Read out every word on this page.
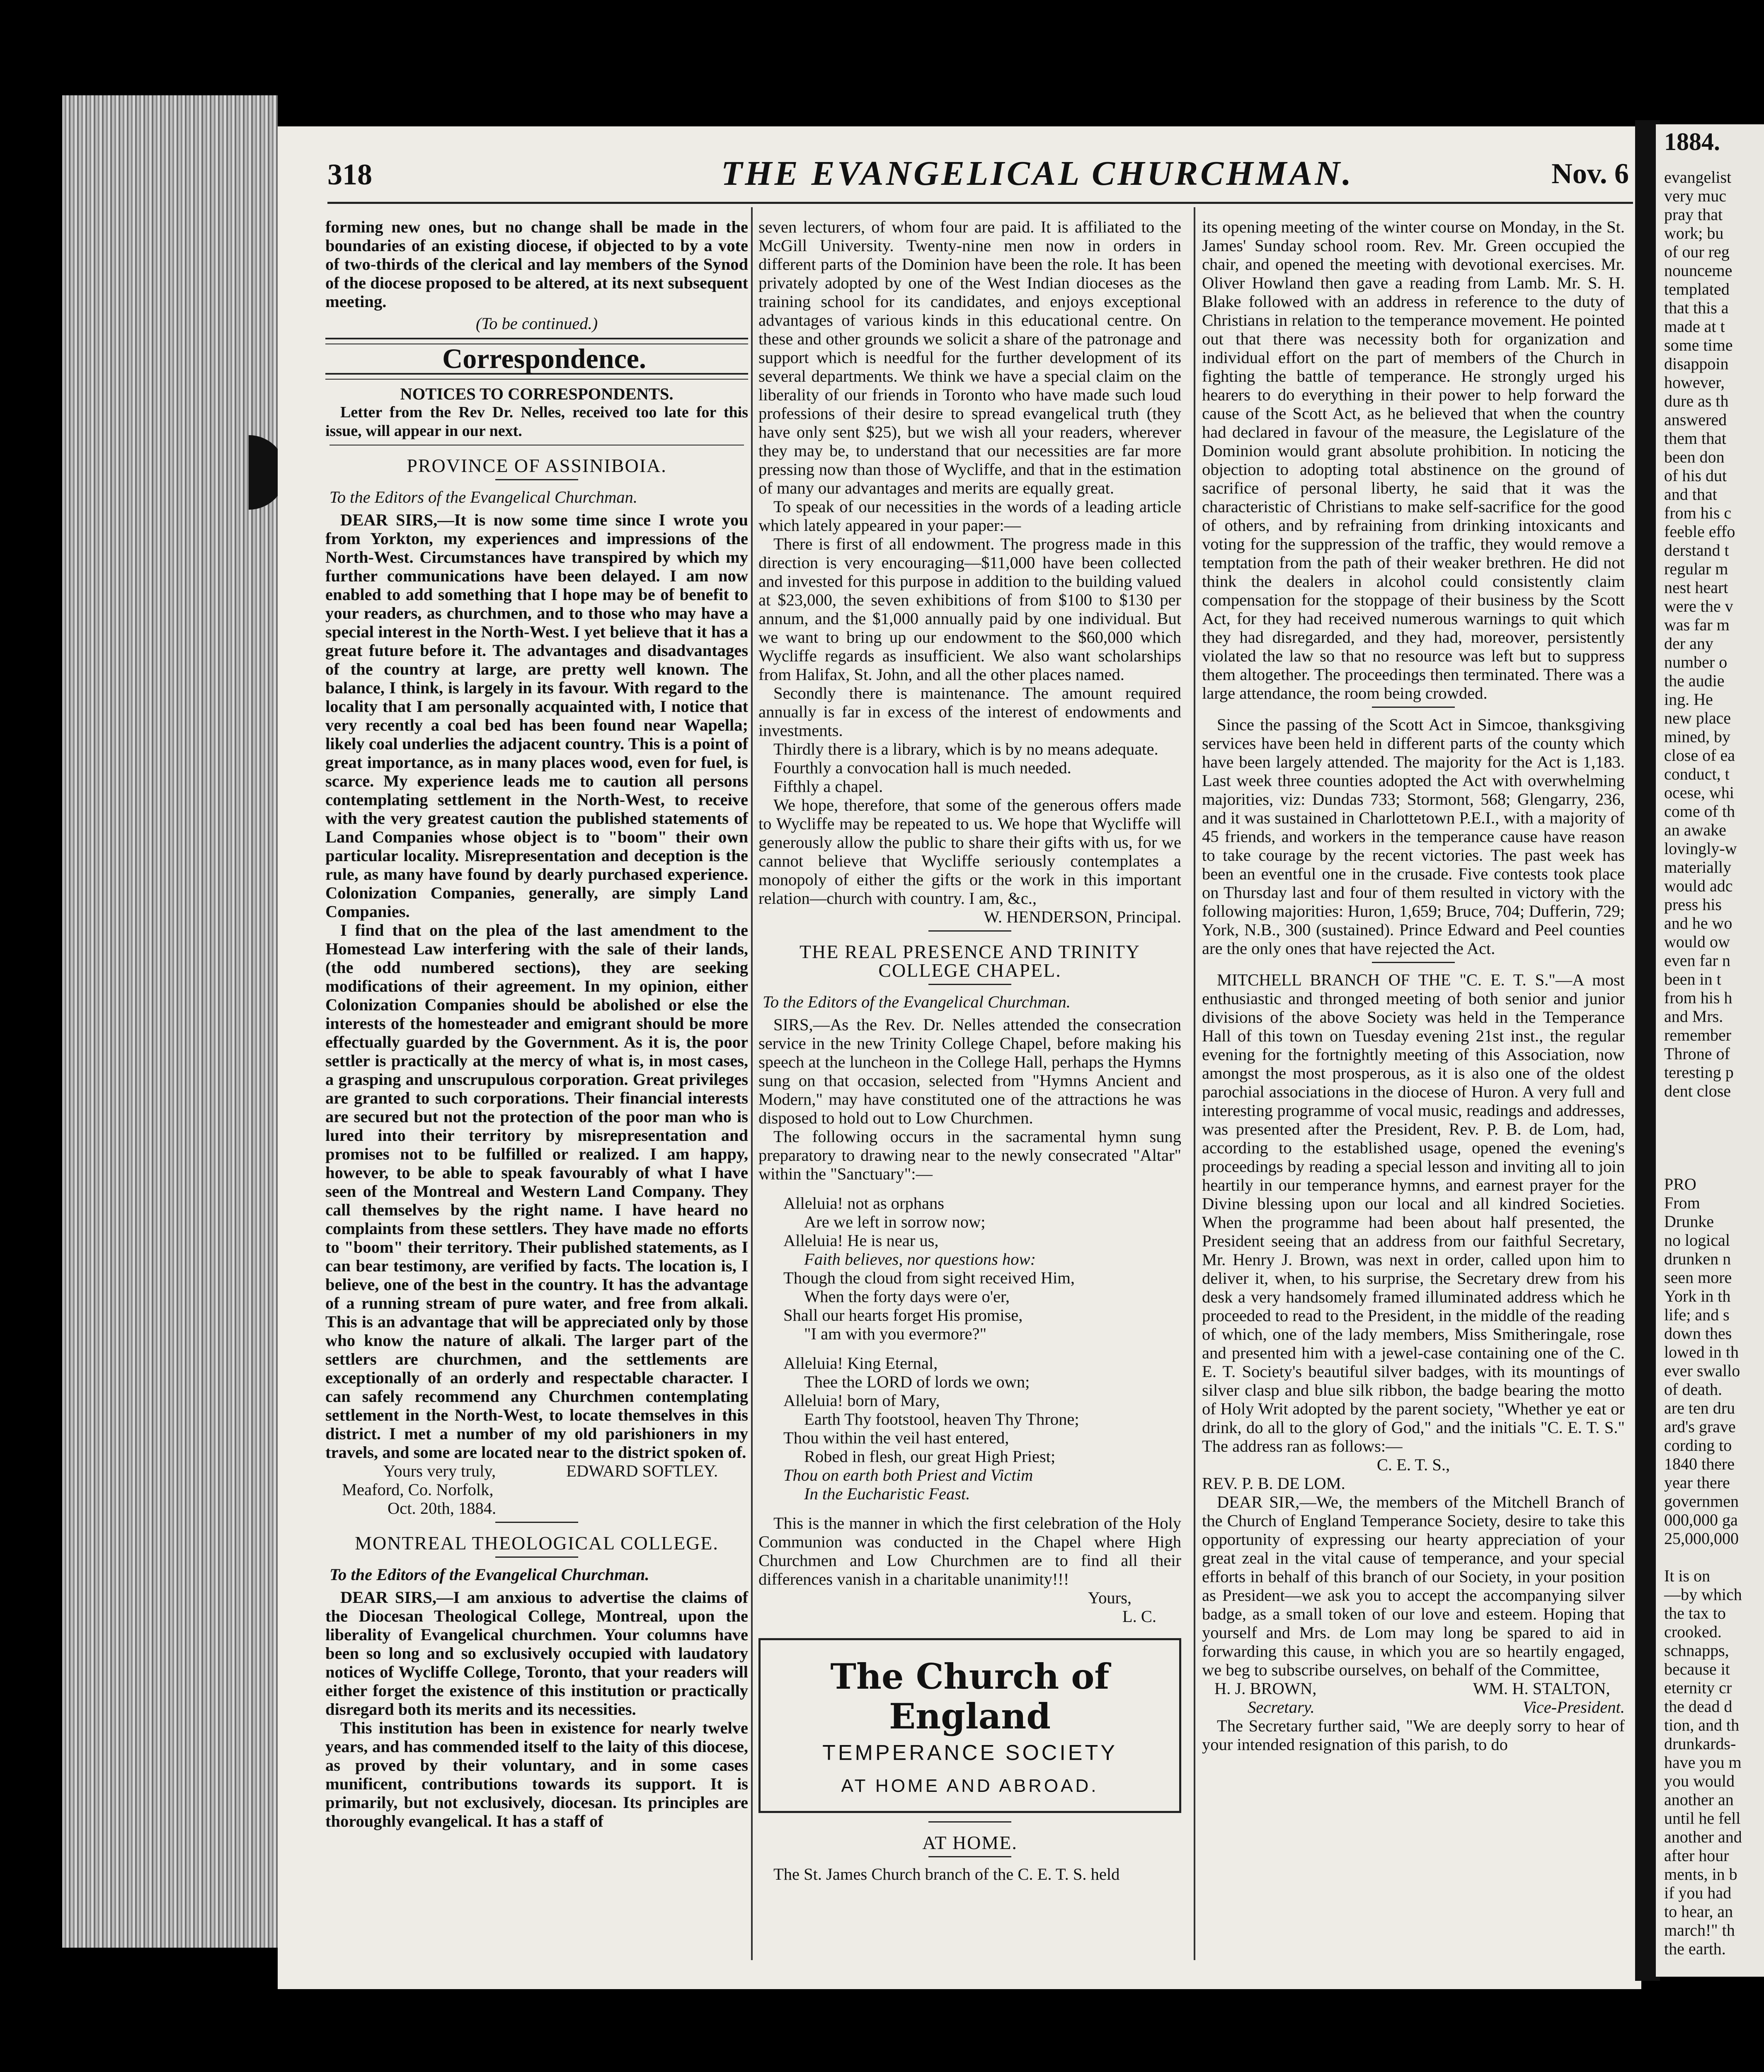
1884.
evangelist
very muc
pray that
work; bu
of our reg
nounceme
templated
that this a
made at t
some time
disappoin
however,
dure as th
answered
them that
been don
of his dut
and that
from his c
feeble effo
derstand t
regular m
nest heart
were the v
was far m
der any
number o
the audie
ing. He
new place
mined, by
close of ea
conduct, t
ocese, whi
come of th
an awake
lovingly-w
materially
would adc
press his
and he wo
would ow
even far n
been in t
from his h
and Mrs.
remember
Throne of
teresting p
dent close

PRO
From
Drunke
no logical
drunken n
seen more
York in th
life; and s
down thes
lowed in th
ever swallo
of death.
are ten dru
ard's grave
cording to
1840 there
year there
governmen
000,000 ga
25,000,000

It is on
—by which
the tax to
crooked.
schnapps,
because it
eternity cr
the dead d
tion, and th
drunkards-
have you m
you would
another an
until he fell
another and
after hour
ments, in b
if you had
to hear, an
march!" th
the earth.
318	THE EVANGELICAL CHURCHMAN.	Nov. 6

forming new ones, but no change shall be made in the boundaries of an existing diocese, if objected to by a vote of two-thirds of the clerical and lay members of the Synod of the diocese proposed to be altered, at its next subsequent meeting.

(To be continued.)

Correspondence.

NOTICES TO CORRESPONDENTS.

Letter from the Rev Dr. Nelles, received too late for this issue, will appear in our next.

PROVINCE OF ASSINIBOIA.

To the Editors of the Evangelical Churchman.

DEAR SIRS,—It is now some time since I wrote you from Yorkton, my experiences and impressions of the North-West. Circumstances have transpired by which my further communications have been delayed. I am now enabled to add something that I hope may be of benefit to your readers, as churchmen, and to those who may have a special interest in the North-West. I yet believe that it has a great future before it. The advantages and disadvantages of the country at large, are pretty well known. The balance, I think, is largely in its favour. With regard to the locality that I am personally acquainted with, I notice that very recently a coal bed has been found near Wapella; likely coal underlies the adjacent country. This is a point of great importance, as in many places wood, even for fuel, is scarce. My experience leads me to caution all persons contemplating settlement in the North-West, to receive with the very greatest caution the published statements of Land Companies whose object is to "boom" their own particular locality. Misrepresentation and deception is the rule, as many have found by dearly purchased experience. Colonization Companies, generally, are simply Land Companies.

I find that on the plea of the last amendment to the Homestead Law interfering with the sale of their lands, (the odd numbered sections), they are seeking modifications of their agreement. In my opinion, either Colonization Companies should be abolished or else the interests of the homesteader and emigrant should be more effectually guarded by the Government. As it is, the poor settler is practically at the mercy of what is, in most cases, a grasping and unscrupulous corporation. Great privileges are granted to such corporations. Their financial interests are secured but not the protection of the poor man who is lured into their territory by misrepresentation and promises not to be fulfilled or realized. I am happy, however, to be able to speak favourably of what I have seen of the Montreal and Western Land Company. They call themselves by the right name. I have heard no complaints from these settlers. They have made no efforts to "boom" their territory. Their published statements, as I can bear testimony, are verified by facts. The location is, I believe, one of the best in the country. It has the advantage of a running stream of pure water, and free from alkali. This is an advantage that will be appreciated only by those who know the nature of alkali. The larger part of the settlers are churchmen, and the settlements are exceptionally of an orderly and respectable character. I can safely recommend any Churchmen contemplating settlement in the North-West, to locate themselves in this district. I met a number of my old parishioners in my travels, and some are located near to the district spoken of.

Yours very truly,	EDWARD SOFTLEY.

Meaford, Co. Norfolk,

Oct. 20th, 1884.

MONTREAL THEOLOGICAL COLLEGE.

To the Editors of the Evangelical Churchman.

DEAR SIRS,—I am anxious to advertise the claims of the Diocesan Theological College, Montreal, upon the liberality of Evangelical churchmen. Your columns have been so long and so exclusively occupied with laudatory notices of Wycliffe College, Toronto, that your readers will either forget the existence of this institution or practically disregard both its merits and its necessities.

This institution has been in existence for nearly twelve years, and has commended itself to the laity of this diocese, as proved by their voluntary, and in some cases munificent, contributions towards its support. It is primarily, but not exclusively, diocesan. Its principles are thoroughly evangelical. It has a staff of

seven lecturers, of whom four are paid. It is affiliated to the McGill University. Twenty-nine men now in orders in different parts of the Dominion have been the role. It has been privately adopted by one of the West Indian dioceses as the training school for its candidates, and enjoys exceptional advantages of various kinds in this educational centre. On these and other grounds we solicit a share of the patronage and support which is needful for the further development of its several departments. We think we have a special claim on the liberality of our friends in Toronto who have made such loud professions of their desire to spread evangelical truth (they have only sent $25), but we wish all your readers, wherever they may be, to understand that our necessities are far more pressing now than those of Wycliffe, and that in the estimation of many our advantages and merits are equally great.

To speak of our necessities in the words of a leading article which lately appeared in your paper:—

There is first of all endowment. The progress made in this direction is very encouraging—$11,000 have been collected and invested for this purpose in addition to the building valued at $23,000, the seven exhibitions of from $100 to $130 per annum, and the $1,000 annually paid by one individual. But we want to bring up our endowment to the $60,000 which Wycliffe regards as insufficient. We also want scholarships from Halifax, St. John, and all the other places named.

Secondly there is maintenance. The amount required annually is far in excess of the interest of endowments and investments.

Thirdly there is a library, which is by no means adequate.

Fourthly a convocation hall is much needed.

Fifthly a chapel.

We hope, therefore, that some of the generous offers made to Wycliffe may be repeated to us. We hope that Wycliffe will generously allow the public to share their gifts with us, for we cannot believe that Wycliffe seriously contemplates a monopoly of either the gifts or the work in this important relation—church with country. I am, &c.,

W. HENDERSON, Principal.

THE REAL PRESENCE AND TRINITY COLLEGE CHAPEL.

To the Editors of the Evangelical Churchman.

SIRS,—As the Rev. Dr. Nelles attended the consecration service in the new Trinity College Chapel, before making his speech at the luncheon in the College Hall, perhaps the Hymns sung on that occasion, selected from "Hymns Ancient and Modern," may have constituted one of the attractions he was disposed to hold out to Low Churchmen.

The following occurs in the sacramental hymn sung preparatory to drawing near to the newly consecrated "Altar" within the "Sanctuary":—

Alleluia! not as orphans
Are we left in sorrow now;
Alleluia! He is near us,
Faith believes, nor questions how:
Though the cloud from sight received Him,
When the forty days were o'er,
Shall our hearts forget His promise,
"I am with you evermore?"
Alleluia! King Eternal,
Thee the LORD of lords we own;
Alleluia! born of Mary,
Earth Thy footstool, heaven Thy Throne;
Thou within the veil hast entered,
Robed in flesh, our great High Priest;
Thou on earth both Priest and Victim
In the Eucharistic Feast.

This is the manner in which the first celebration of the Holy Communion was conducted in the Chapel where High Churchmen and Low Churchmen are to find all their differences vanish in a charitable unanimity!!!

Yours,

L. C.

The Church of England
TEMPERANCE SOCIETY
AT HOME AND ABROAD.

AT HOME.

The St. James Church branch of the C. E. T. S. held

its opening meeting of the winter course on Monday, in the St. James' Sunday school room. Rev. Mr. Green occupied the chair, and opened the meeting with devotional exercises. Mr. Oliver Howland then gave a reading from Lamb. Mr. S. H. Blake followed with an address in reference to the duty of Christians in relation to the temperance movement. He pointed out that there was necessity both for organization and individual effort on the part of members of the Church in fighting the battle of temperance. He strongly urged his hearers to do everything in their power to help forward the cause of the Scott Act, as he believed that when the country had declared in favour of the measure, the Legislature of the Dominion would grant absolute prohibition. In noticing the objection to adopting total abstinence on the ground of sacrifice of personal liberty, he said that it was the characteristic of Christians to make self-sacrifice for the good of others, and by refraining from drinking intoxicants and voting for the suppression of the traffic, they would remove a temptation from the path of their weaker brethren. He did not think the dealers in alcohol could consistently claim compensation for the stoppage of their business by the Scott Act, for they had received numerous warnings to quit which they had disregarded, and they had, moreover, persistently violated the law so that no resource was left but to suppress them altogether. The proceedings then terminated. There was a large attendance, the room being crowded.

Since the passing of the Scott Act in Simcoe, thanksgiving services have been held in different parts of the county which have been largely attended. The majority for the Act is 1,183. Last week three counties adopted the Act with overwhelming majorities, viz: Dundas 733; Stormont, 568; Glengarry, 236, and it was sustained in Charlottetown P.E.I., with a majority of 45 friends, and workers in the temperance cause have reason to take courage by the recent victories. The past week has been an eventful one in the crusade. Five contests took place on Thursday last and four of them resulted in victory with the following majorities: Huron, 1,659; Bruce, 704; Dufferin, 729; York, N.B., 300 (sustained). Prince Edward and Peel counties are the only ones that have rejected the Act.

MITCHELL BRANCH OF THE "C. E. T. S."—A most enthusiastic and thronged meeting of both senior and junior divisions of the above Society was held in the Temperance Hall of this town on Tuesday evening 21st inst., the regular evening for the fortnightly meeting of this Association, now amongst the most prosperous, as it is also one of the oldest parochial associations in the diocese of Huron. A very full and interesting programme of vocal music, readings and addresses, was presented after the President, Rev. P. B. de Lom, had, according to the established usage, opened the evening's proceedings by reading a special lesson and inviting all to join heartily in our temperance hymns, and earnest prayer for the Divine blessing upon our local and all kindred Societies. When the programme had been about half presented, the President seeing that an address from our faithful Secretary, Mr. Henry J. Brown, was next in order, called upon him to deliver it, when, to his surprise, the Secretary drew from his desk a very handsomely framed illuminated address which he proceeded to read to the President, in the middle of the reading of which, one of the lady members, Miss Smitheringale, rose and presented him with a jewel-case containing one of the C. E. T. Society's beautiful silver badges, with its mountings of silver clasp and blue silk ribbon, the badge bearing the motto of Holy Writ adopted by the parent society, "Whether ye eat or drink, do all to the glory of God," and the initials "C. E. T. S." The address ran as follows:—

C. E. T. S.,

REV. P. B. DE LOM.

DEAR SIR,—We, the members of the Mitchell Branch of the Church of England Temperance Society, desire to take this opportunity of expressing our hearty appreciation of your great zeal in the vital cause of temperance, and your special efforts in behalf of this branch of our Society, in your position as President—we ask you to accept the accompanying silver badge, as a small token of our love and esteem. Hoping that yourself and Mrs. de Lom may long be spared to aid in forwarding this cause, in which you are so heartily engaged, we beg to subscribe ourselves, on behalf of the Committee,

H. J. BROWN,
Secretary.
WM. H. STALTON,
Vice-President.

The Secretary further said, "We are deeply sorry to hear of your intended resignation of this parish, to do
